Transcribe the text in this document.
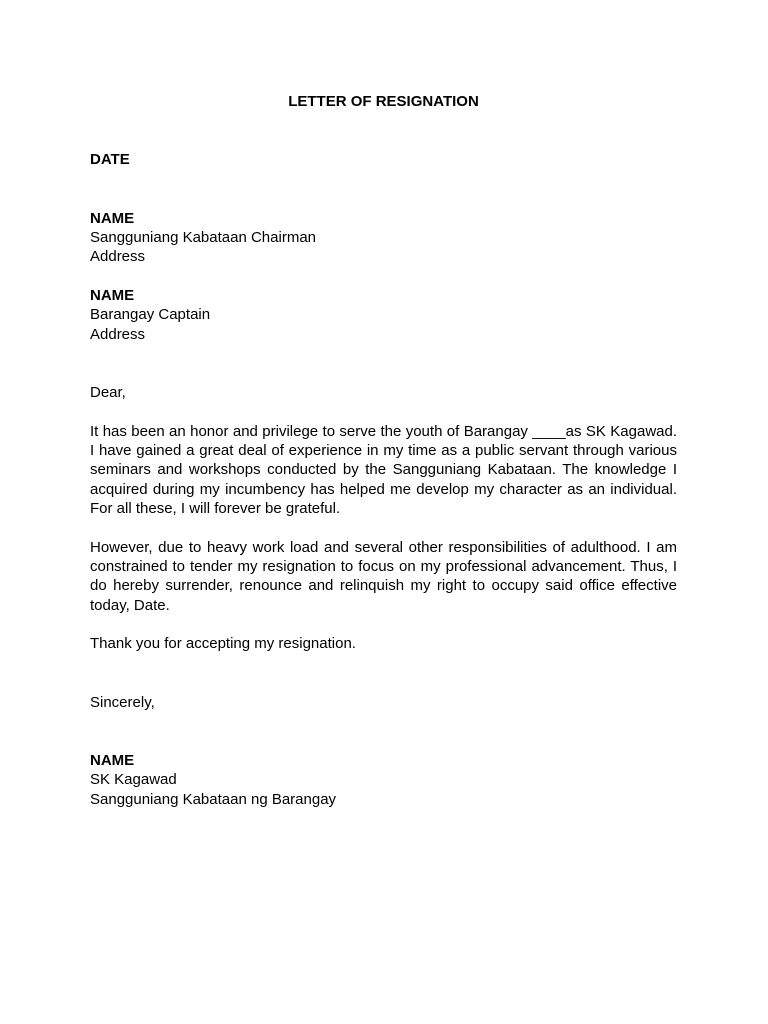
LETTER OF RESIGNATION

DATE

NAME
Sangguniang Kabataan Chairman
Address
NAME
Barangay Captain
Address

Dear,

It has been an honor and privilege to serve the youth of Barangay ____as SK Kagawad. I have gained a great deal of experience in my time as a public servant through various seminars and workshops conducted by the Sangguniang Kabataan. The knowledge I acquired during my incumbency has helped me develop my character as an individual. For all these, I will forever be grateful.

However, due to heavy work load and several other responsibilities of adulthood. I am constrained to tender my resignation to focus on my professional advancement. Thus, I do hereby surrender, renounce and relinquish my right to occupy said office effective today, Date.

Thank you for accepting my resignation.

Sincerely,

NAME
SK Kagawad
Sangguniang Kabataan ng Barangay
